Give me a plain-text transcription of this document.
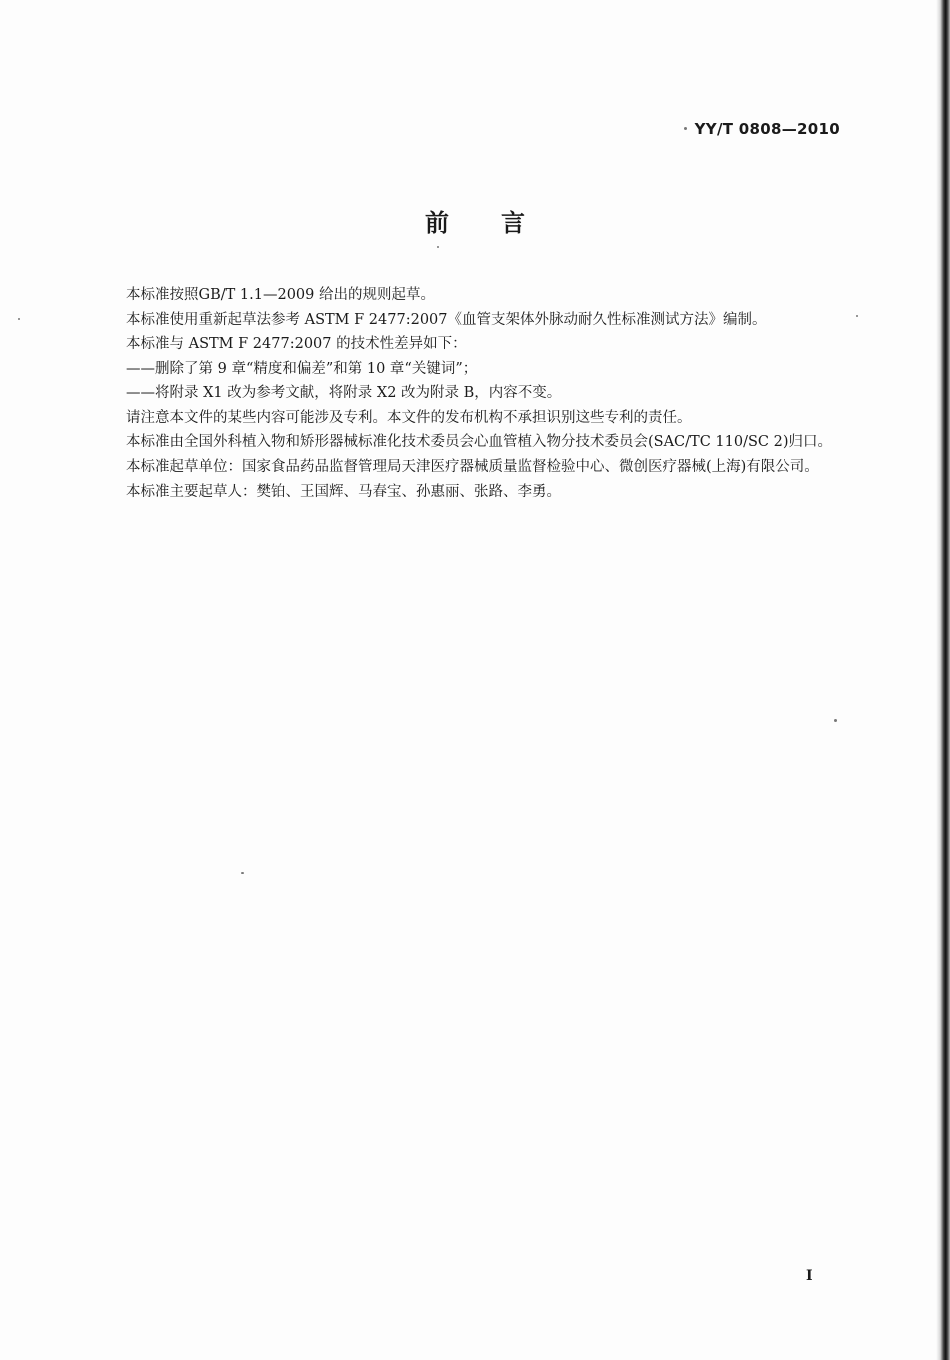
YY/T 0808—2010
前言

本标准按照GB/T 1.1—2009 给出的规则起草。

本标准使用重新起草法参考 ASTM F 2477:2007《血管支架体外脉动耐久性标准测试方法》编制。

本标准与 ASTM F 2477:2007 的技术性差异如下：

——删除了第 9 章“精度和偏差”和第 10 章“关键词”；

——将附录 X1 改为参考文献，将附录 X2 改为附录 B，内容不变。

请注意本文件的某些内容可能涉及专利。本文件的发布机构不承担识别这些专利的责任。

本标准由全国外科植入物和矫形器械标准化技术委员会心血管植入物分技术委员会(SAC/TC 110/SC 2)归口。

本标准起草单位：国家食品药品监督管理局天津医疗器械质量监督检验中心、微创医疗器械(上海)有限公司。

本标准主要起草人：樊铂、王国辉、马春宝、孙惠丽、张路、李勇。

I
